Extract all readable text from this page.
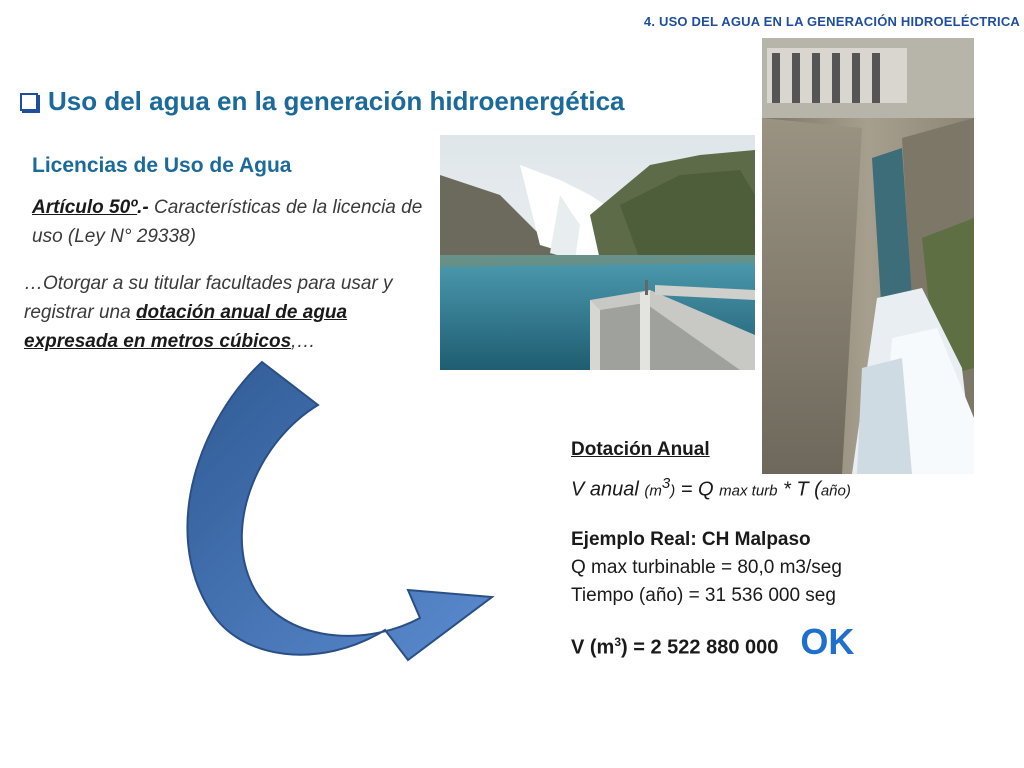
4. USO DEL AGUA EN LA GENERACIÓN HIDROELÉCTRICA
Uso del agua en la generación hidroenergética
Licencias de Uso de Agua
Artículo 50º.- Características de la licencia de uso (Ley N° 29338)
…Otorgar a su titular facultades para usar y registrar una dotación anual de agua expresada en metros cúbicos,…
Dotación Anual
V anual $(m^3) = Q$ max turb * T (año)
Ejemplo Real: CH Malpaso
Q max turbinable = 80,0 m3/seg
Tiempo (año) = 31 536 000 seg
V $(m^3) = 2$ 522 880 000 OK
